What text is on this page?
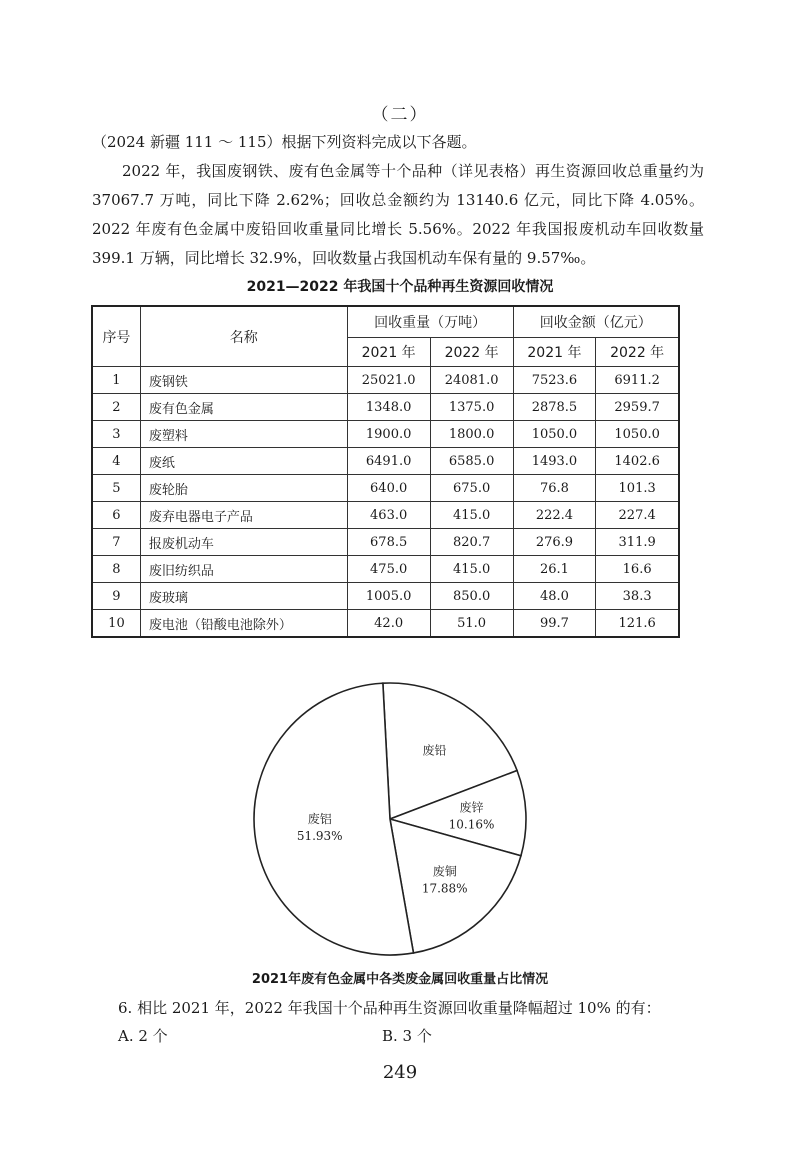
（二）
（2024 新疆 111 ～ 115）根据下列资料完成以下各题。
2022 年，我国废钢铁、废有色金属等十个品种（详见表格）再生资源回收总重量约为 37067.7 万吨，同比下降 2.62%；回收总金额约为 13140.6 亿元，同比下降 4.05%。2022 年废有色金属中废铅回收重量同比增长 5.56%。2022 年我国报废机动车回收数量 399.1 万辆，同比增长 32.9%，回收数量占我国机动车保有量的 9.57‰。
2021—2022 年我国十个品种再生资源回收情况
序号	名称	回收重量（万吨）		回收金额（亿元）	
		2021 年	2022 年	2021 年	2022 年
1	废钢铁	25021.0	24081.0	7523.6	6911.2
2	废有色金属	1348.0	1375.0	2878.5	2959.7
3	废塑料	1900.0	1800.0	1050.0	1050.0
4	废纸	6491.0	6585.0	1493.0	1402.6
5	废轮胎	640.0	675.0	76.8	101.3
6	废弃电器电子产品	463.0	415.0	222.4	227.4
7	报废机动车	678.5	820.7	276.9	311.9
8	废旧纺织品	475.0	415.0	26.1	16.6
9	废玻璃	1005.0	850.0	48.0	38.3
10	废电池（铅酸电池除外）	42.0	51.0	99.7	121.6
废铅
废锌
10.16%
废铜
17.88%
废铝
51.93%
2021年废有色金属中各类废金属回收重量占比情况
6. 相比 2021 年，2022 年我国十个品种再生资源回收重量降幅超过 10% 的有：
A. 2 个	B. 3 个
249
